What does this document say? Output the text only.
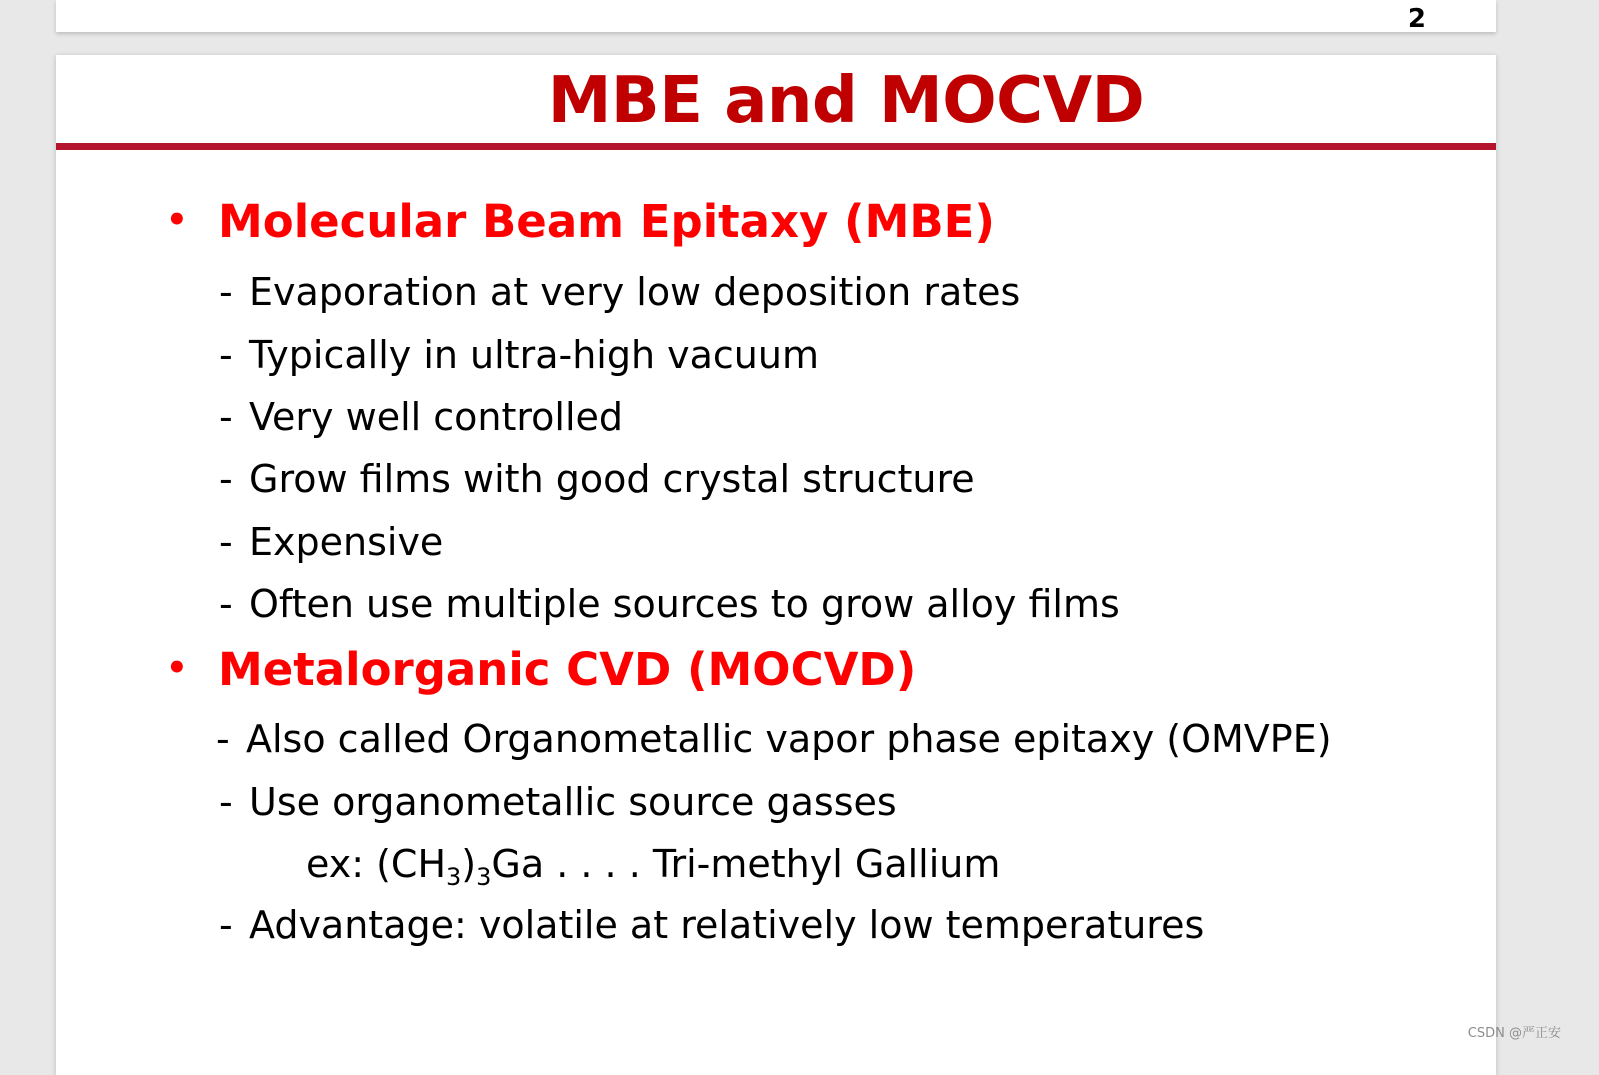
2
MBE and MOCVD
• Molecular Beam Epitaxy (MBE)
- Evaporation at very low deposition rates
- Typically in ultra-high vacuum
- Very well controlled
- Grow films with good crystal structure
- Expensive
- Often use multiple sources to grow alloy films
• Metalorganic CVD (MOCVD)
- Also called Organometallic vapor phase epitaxy (OMVPE)
- Use organometallic source gasses
ex: $(CH_3)_3Ga$ . . . . Tri-methyl Gallium
- Advantage: volatile at relatively low temperatures
CSDN @严正安
